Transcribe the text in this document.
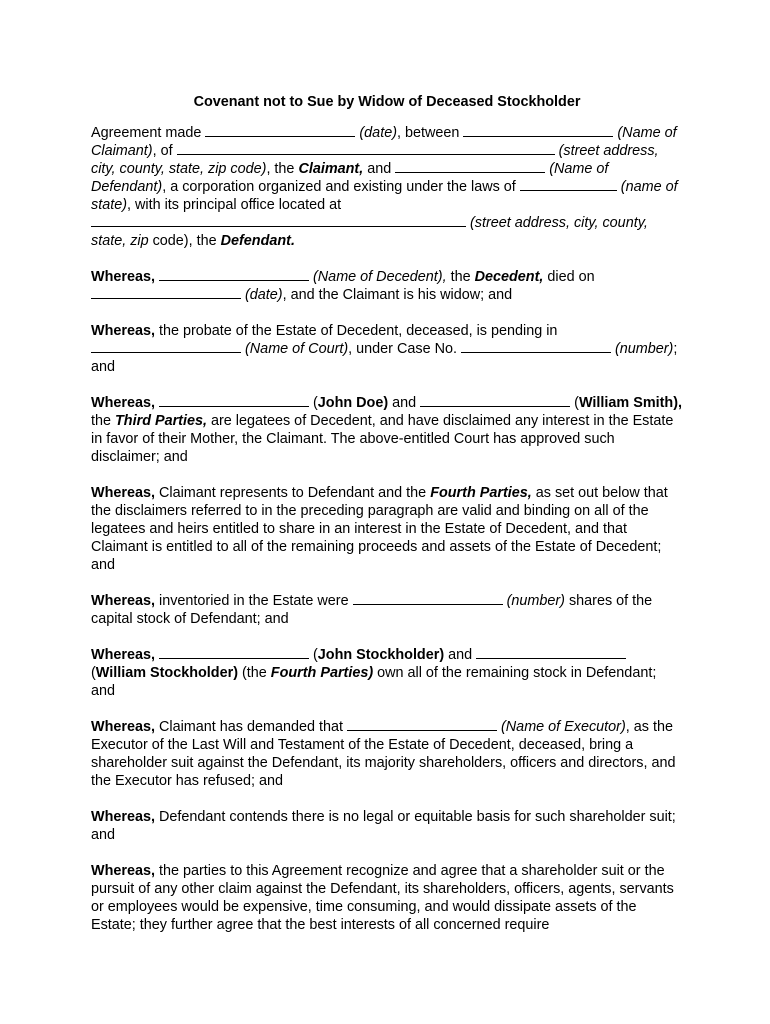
Covenant not to Sue by Widow of Deceased Stockholder

Agreement made	(date), between	(Name of Claimant), of	(street address, city, county, state, zip code), the Claimant, and	(Name of Defendant), a corporation organized and existing under the laws of	(name of state), with its principal office located at  (street address, city, county, state, zip code), the Defendant.

Whereas,	(Name of Decedent), the Decedent, died on  (date), and the Claimant is his widow; and

Whereas, the probate of the Estate of Decedent, deceased, is pending in  (Name of Court), under Case No.	(number); and

Whereas,	(John Doe) and	(William Smith), the Third Parties, are legatees of Decedent, and have disclaimed any interest in the Estate in favor of their Mother, the Claimant. The above-entitled Court has approved such disclaimer; and

Whereas, Claimant represents to Defendant and the Fourth Parties, as set out below that the disclaimers referred to in the preceding paragraph are valid and binding on all of the legatees and heirs entitled to share in an interest in the Estate of Decedent, and that Claimant is entitled to all of the remaining proceeds and assets of the Estate of Decedent; and

Whereas, inventoried in the Estate were	(number) shares of the capital stock of Defendant; and

Whereas,	(John Stockholder) and  (William Stockholder) (the Fourth Parties) own all of the remaining stock in Defendant; and

Whereas, Claimant has demanded that	(Name of Executor), as the Executor of the Last Will and Testament of the Estate of Decedent, deceased, bring a shareholder suit against the Defendant, its majority shareholders, officers and directors, and the Executor has refused; and

Whereas, Defendant contends there is no legal or equitable basis for such shareholder suit; and

Whereas, the parties to this Agreement recognize and agree that a shareholder suit or the pursuit of any other claim against the Defendant, its shareholders, officers, agents, servants or employees would be expensive, time consuming, and would dissipate assets of the Estate; they further agree that the best interests of all concerned require
